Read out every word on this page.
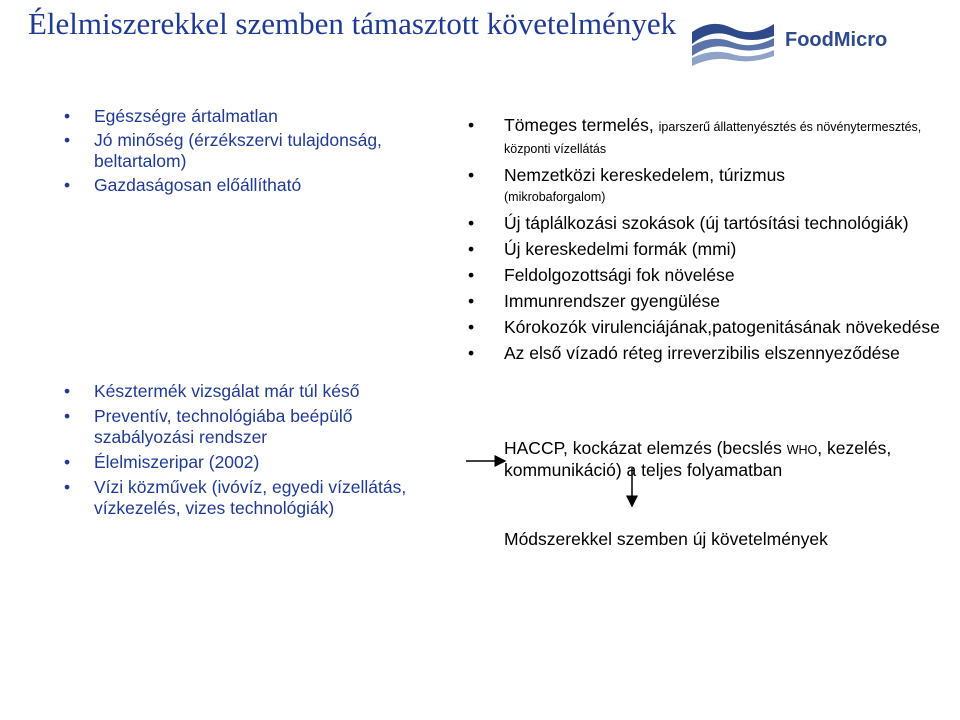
Élelmiszerekkel szemben támasztott követelmények	FoodMicro
• Egészségre ártalmatlan
• Jó minőség (érzékszervi tulajdonság, beltartalom)
• Gazdaságosan előállítható
• Késztermék vizsgálat már túl késő
• Preventív, technológiába beépülő szabályozási rendszer
• Élelmiszeripar (2002)
• Vízi közművek (ivóvíz, egyedi vízellátás, vízkezelés, vizes technológiák)
• Tömeges termelés, iparszerű állattenyésztés és növénytermesztés, központi vízellátás
• Nemzetközi kereskedelem, túrizmus
(mikrobaforgalom)
• Új táplálkozási szokások (új tartósítási technológiák)
• Új kereskedelmi formák (mmi)
• Feldolgozottsági fok növelése
• Immunrendszer gyengülése
• Kórokozók virulenciájának,patogenitásának növekedése
• Az első vízadó réteg irreverzibilis elszennyeződése

HACCP, kockázat elemzés (becslés WHO, kezelés, kommunikáció) a teljes folyamatban

Módszerekkel szemben új követelmények
